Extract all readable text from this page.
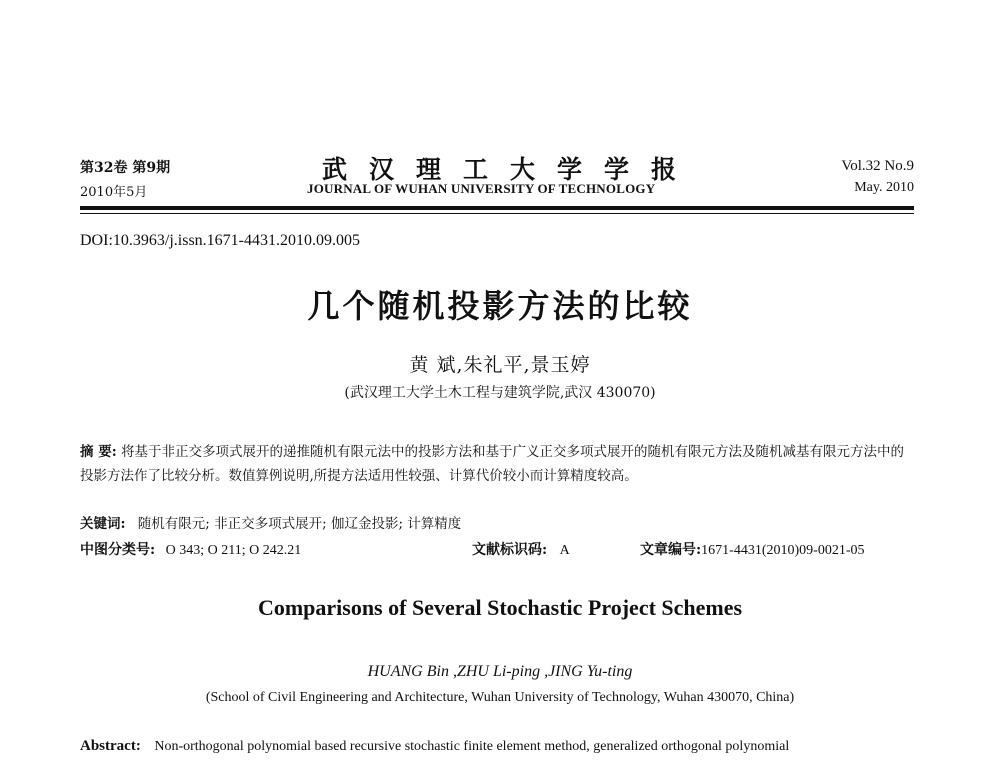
第32卷 第9期
2010年5月
武汉理工大学学报
JOURNAL OF WUHAN UNIVERSITY OF TECHNOLOGY
Vol.32 No.9
May. 2010
DOI:10.3963/j.issn.1671-4431.2010.09.005
几个随机投影方法的比较
黄 斌,朱礼平,景玉婷
(武汉理工大学土木工程与建筑学院,武汉 430070)
摘 要: 将基于非正交多项式展开的递推随机有限元法中的投影方法和基于广义正交多项式展开的随机有限元方法及随机减基有限元方法中的投影方法作了比较分析。数值算例说明,所提方法适用性较强、计算代价较小而计算精度较高。
关键词: 随机有限元; 非正交多项式展开; 伽辽金投影; 计算精度
中图分类号: O 343; O 211; O 242.21	文献标识码: A	文章编号:1671-4431(2010)09-0021-05
Comparisons of Several Stochastic Project Schemes
HUANG Bin ,ZHU Li-ping ,JING Yu-ting
(School of Civil Engineering and Architecture, Wuhan University of Technology, Wuhan 430070, China)
Abstract: Non-orthogonal polynomial based recursive stochastic finite element method, generalized orthogonal polynomial
